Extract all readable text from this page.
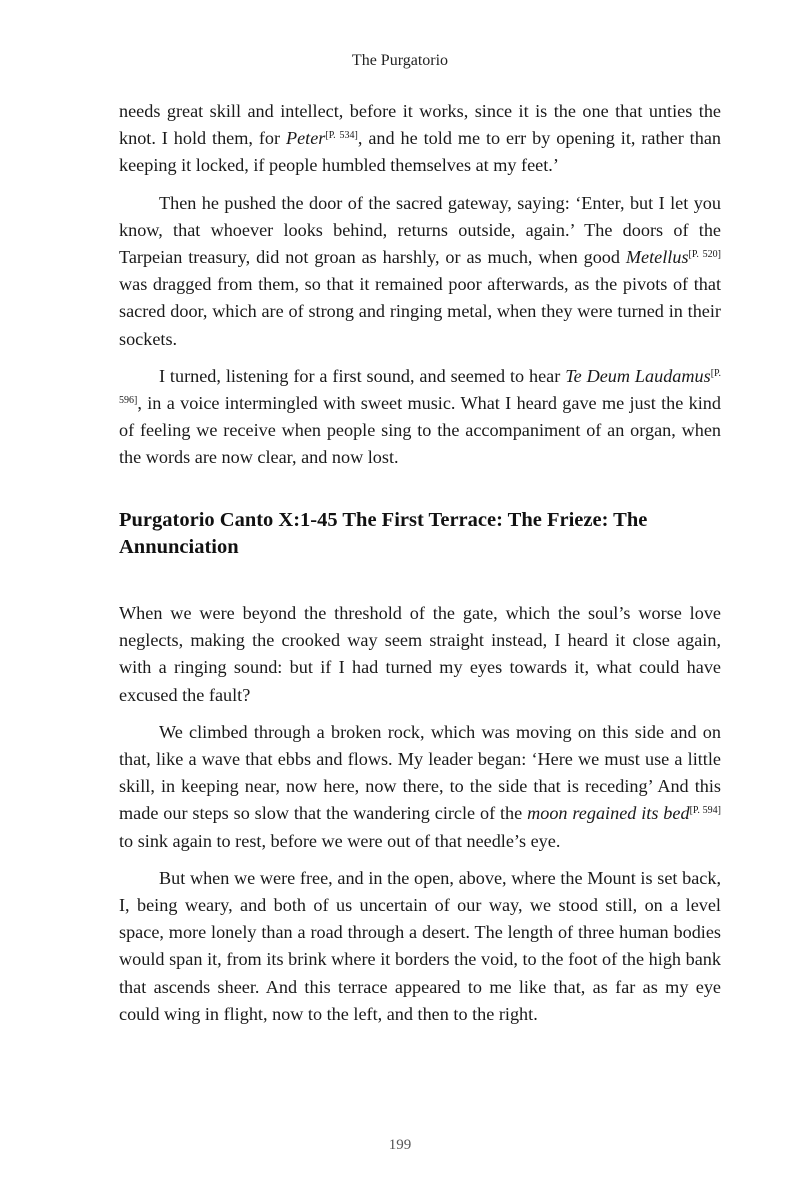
The Purgatorio

needs great skill and intellect, before it works, since it is the one that unties the knot. I hold them, for Peter[P. 534], and he told me to err by opening it, rather than keeping it locked, if people humbled themselves at my feet.’

Then he pushed the door of the sacred gateway, saying: ‘Enter, but I let you know, that whoever looks behind, returns outside, again.’ The doors of the Tarpeian treasury, did not groan as harshly, or as much, when good Metellus[P. 520] was dragged from them, so that it remained poor afterwards, as the pivots of that sacred door, which are of strong and ringing metal, when they were turned in their sockets.

I turned, listening for a first sound, and seemed to hear Te Deum Laudamus[P. 596], in a voice intermingled with sweet music. What I heard gave me just the kind of feeling we receive when people sing to the accompaniment of an organ, when the words are now clear, and now lost.

Purgatorio Canto X:1-45 The First Terrace: The Frieze: The Annunciation

When we were beyond the threshold of the gate, which the soul’s worse love neglects, making the crooked way seem straight instead, I heard it close again, with a ringing sound: but if I had turned my eyes towards it, what could have excused the fault?

We climbed through a broken rock, which was moving on this side and on that, like a wave that ebbs and flows. My leader began: ‘Here we must use a little skill, in keeping near, now here, now there, to the side that is receding’ And this made our steps so slow that the wandering circle of the moon regained its bed[P. 594] to sink again to rest, before we were out of that needle’s eye.

But when we were free, and in the open, above, where the Mount is set back, I, being weary, and both of us uncertain of our way, we stood still, on a level space, more lonely than a road through a desert. The length of three human bodies would span it, from its brink where it borders the void, to the foot of the high bank that ascends sheer. And this terrace appeared to me like that, as far as my eye could wing in flight, now to the left, and then to the right.

199
